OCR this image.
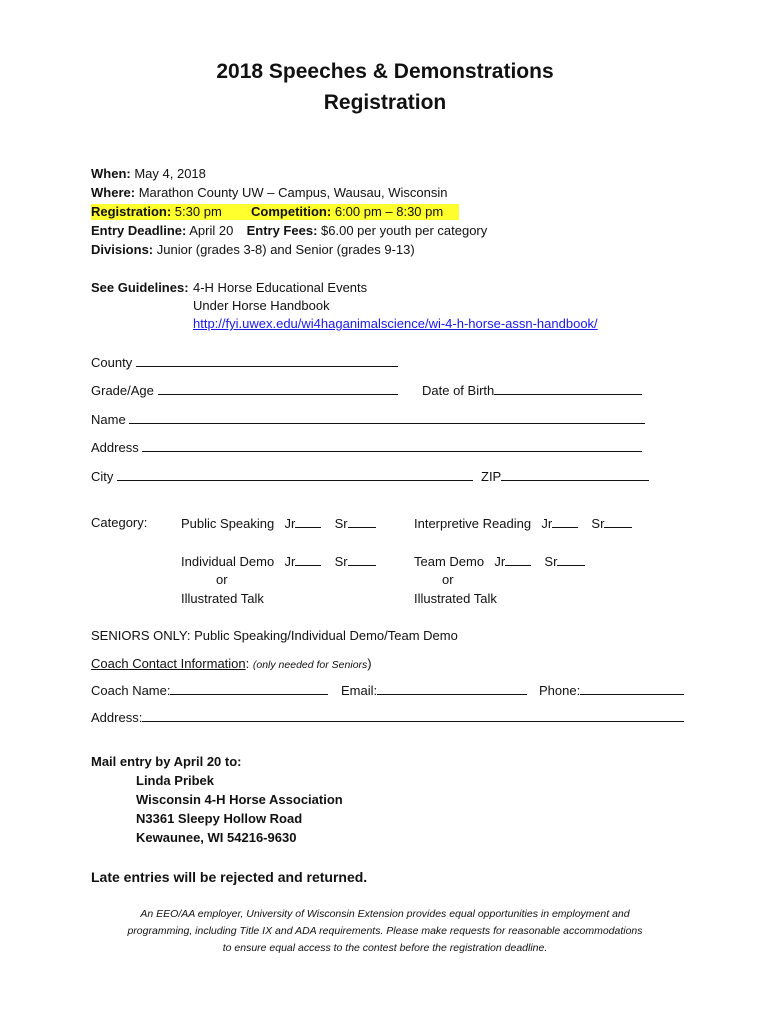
2018 Speeches & Demonstrations
Registration
When: May 4, 2018
Where: Marathon County UW – Campus, Wausau, Wisconsin
Registration: 5:30 pm Competition: 6:00 pm – 8:30 pm
Entry Deadline: April 20 Entry Fees: $6.00 per youth per category
Divisions: Junior (grades 3-8) and Senior (grades 9-13)
See Guidelines: 4-H Horse Educational Events
Under Horse Handbook
http://fyi.uwex.edu/wi4haganimalscience/wi-4-h-horse-assn-handbook/
County
Grade/Age	Date of Birth
Name
Address
City	ZIP
Category:	Public Speaking Jr	Sr	Interpretive Reading Jr	Sr
Individual Demo Jr	Sr	Team Demo Jr	Sr
or	or
Illustrated Talk	Illustrated Talk
SENIORS ONLY: Public Speaking/Individual Demo/Team Demo
Coach Contact Information: (only needed for Seniors)
Coach Name:	Email:	Phone:
Address:
Mail entry by April 20 to:
Linda Pribek
Wisconsin 4-H Horse Association
N3361 Sleepy Hollow Road
Kewaunee, WI 54216-9630
Late entries will be rejected and returned.
An EEO/AA employer, University of Wisconsin Extension provides equal opportunities in employment and
programming, including Title IX and ADA requirements. Please make requests for reasonable accommodations
to ensure equal access to the contest before the registration deadline.
